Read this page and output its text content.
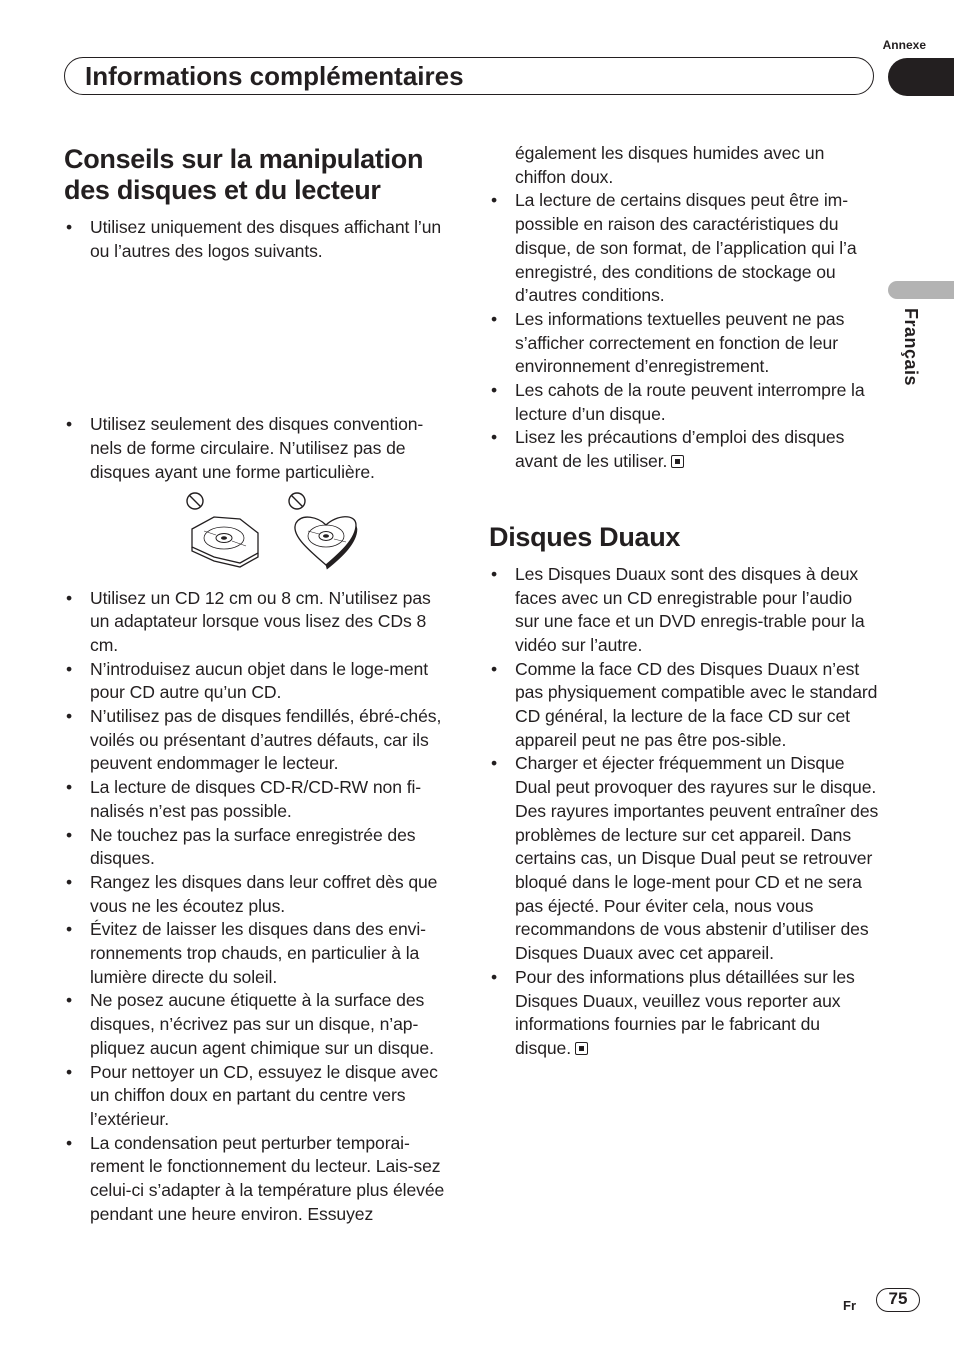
Annexe
Informations complémentaires
Français
Conseils sur la manipulation des disques et du lecteur
• Utilisez uniquement des disques affichant l’un ou l’autres des logos suivants.
• Utilisez seulement des disques convention-nels de forme circulaire. N’utilisez pas de disques ayant une forme particulière.
• Utilisez un CD 12 cm ou 8 cm. N’utilisez pas un adaptateur lorsque vous lisez des CDs 8 cm.
• N’introduisez aucun objet dans le loge-ment pour CD autre qu’un CD.
• N’utilisez pas de disques fendillés, ébré-chés, voilés ou présentant d’autres défauts, car ils peuvent endommager le lecteur.
• La lecture de disques CD-R/CD-RW non fi-nalisés n’est pas possible.
• Ne touchez pas la surface enregistrée des disques.
• Rangez les disques dans leur coffret dès que vous ne les écoutez plus.
• Évitez de laisser les disques dans des envi-ronnements trop chauds, en particulier à la lumière directe du soleil.
• Ne posez aucune étiquette à la surface des disques, n’écrivez pas sur un disque, n’ap-pliquez aucun agent chimique sur un disque.
• Pour nettoyer un CD, essuyez le disque avec un chiffon doux en partant du centre vers l’extérieur.
• La condensation peut perturber temporai-rement le fonctionnement du lecteur. Lais-sez celui-ci s’adapter à la température plus élevée pendant une heure environ. Essuyez
également les disques humides avec un chiffon doux.
• La lecture de certains disques peut être im-possible en raison des caractéristiques du disque, de son format, de l’application qui l’a enregistré, des conditions de stockage ou d’autres conditions.
• Les informations textuelles peuvent ne pas s’afficher correctement en fonction de leur environnement d’enregistrement.
• Les cahots de la route peuvent interrompre la lecture d’un disque.
• Lisez les précautions d’emploi des disques avant de les utiliser.
Disques Duaux
• Les Disques Duaux sont des disques à deux faces avec un CD enregistrable pour l’audio sur une face et un DVD enregis-trable pour la vidéo sur l’autre.
• Comme la face CD des Disques Duaux n’est pas physiquement compatible avec le standard CD général, la lecture de la face CD sur cet appareil peut ne pas être pos-sible.
• Charger et éjecter fréquemment un Disque Dual peut provoquer des rayures sur le disque. Des rayures importantes peuvent entraîner des problèmes de lecture sur cet appareil. Dans certains cas, un Disque Dual peut se retrouver bloqué dans le loge-ment pour CD et ne sera pas éjecté. Pour éviter cela, nous vous recommandons de vous abstenir d’utiliser des Disques Duaux avec cet appareil.
• Pour des informations plus détaillées sur les Disques Duaux, veuillez vous reporter aux informations fournies par le fabricant du disque.
Fr	75
